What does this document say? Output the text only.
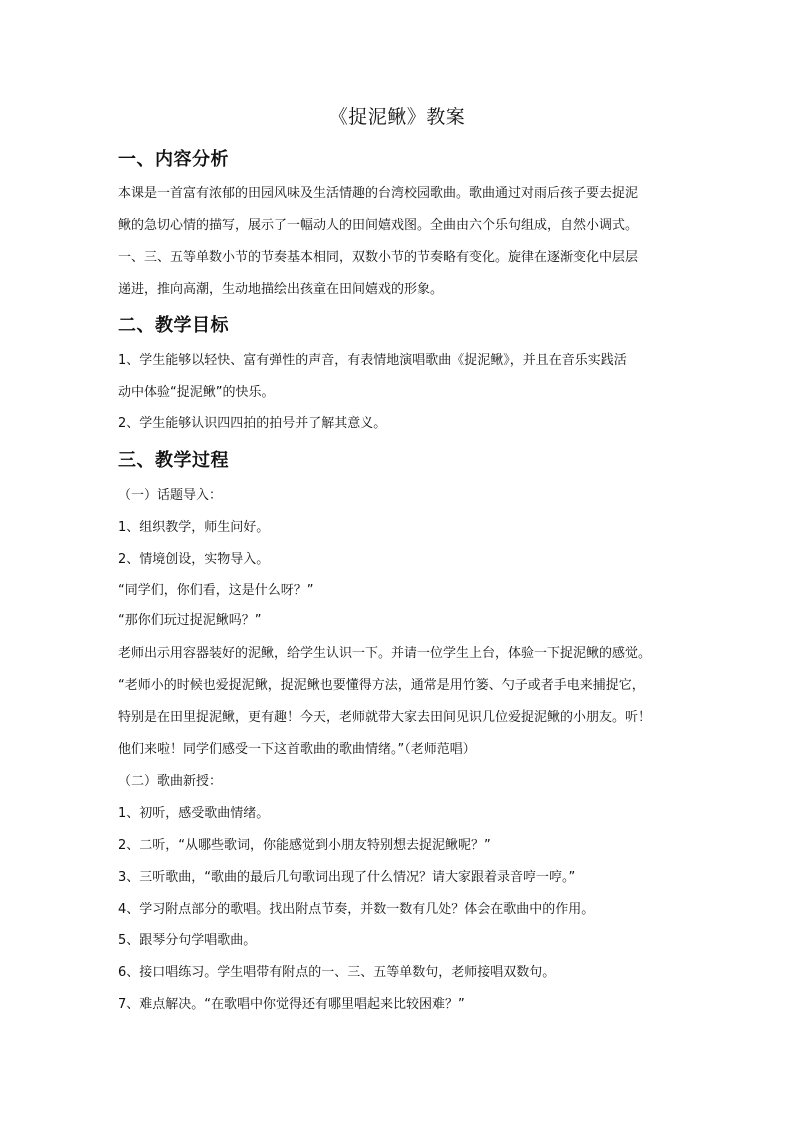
《捉泥鳅》教案
一、内容分析
本课是一首富有浓郁的田园风味及生活情趣的台湾校园歌曲。歌曲通过对雨后孩子要去捉泥
鳅的急切心情的描写，展示了一幅动人的田间嬉戏图。全曲由六个乐句组成，自然小调式。
一、三、五等单数小节的节奏基本相同，双数小节的节奏略有变化。旋律在逐渐变化中层层
递进，推向高潮，生动地描绘出孩童在田间嬉戏的形象。
二、教学目标
1、学生能够以轻快、富有弹性的声音，有表情地演唱歌曲《捉泥鳅》，并且在音乐实践活
动中体验“捉泥鳅”的快乐。
2、学生能够认识四四拍的拍号并了解其意义。
三、教学过程
（一）话题导入：
1、组织教学，师生问好。
2、情境创设，实物导入。
“同学们，你们看，这是什么呀？”
“那你们玩过捉泥鳅吗？”
老师出示用容器装好的泥鳅，给学生认识一下。并请一位学生上台，体验一下捉泥鳅的感觉。
“老师小的时候也爱捉泥鳅，捉泥鳅也要懂得方法，通常是用竹篓、勺子或者手电来捕捉它，
特别是在田里捉泥鳅，更有趣！今天，老师就带大家去田间见识几位爱捉泥鳅的小朋友。听！
他们来啦！同学们感受一下这首歌曲的歌曲情绪。”（老师范唱）
（二）歌曲新授：
1、初听，感受歌曲情绪。
2、二听，“从哪些歌词，你能感觉到小朋友特别想去捉泥鳅呢？”
3、三听歌曲，“歌曲的最后几句歌词出现了什么情况？请大家跟着录音哼一哼。”
4、学习附点部分的歌唱。找出附点节奏，并数一数有几处？体会在歌曲中的作用。
5、跟琴分句学唱歌曲。
6、接口唱练习。学生唱带有附点的一、三、五等单数句，老师接唱双数句。
7、难点解决。“在歌唱中你觉得还有哪里唱起来比较困难？”
